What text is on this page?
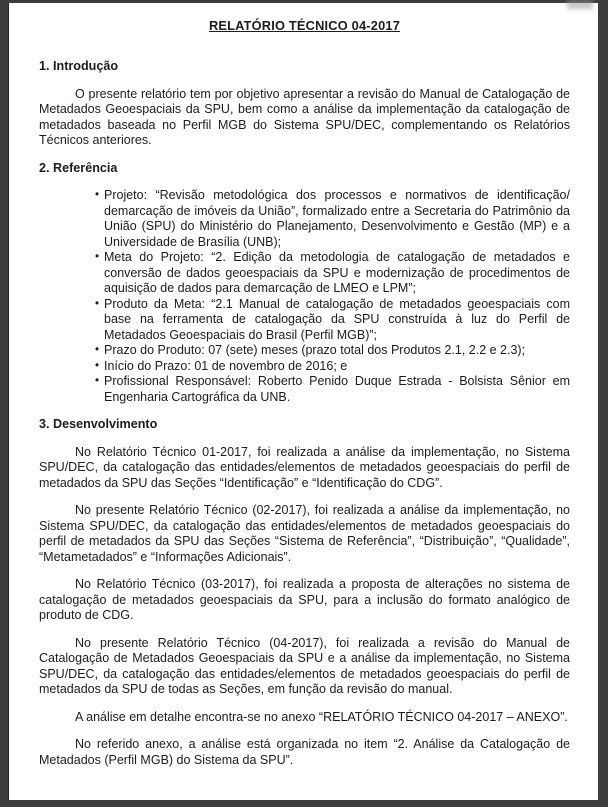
RELATÓRIO TÉCNICO 04-2017
1. Introdução

O presente relatório tem por objetivo apresentar a revisão do Manual de Catalogação de Metadados Geoespaciais da SPU, bem como a análise da implementação da catalogação de metadados baseada no Perfil MGB do Sistema SPU/DEC, complementando os Relatórios Técnicos anteriores.

2. Referência
• Projeto: “Revisão metodológica dos processos e normativos de identificação/ demarcação de imóveis da União”, formalizado entre a Secretaria do Patrimônio da União (SPU) do Ministério do Planejamento, Desenvolvimento e Gestão (MP) e a Universidade de Brasília (UNB);
• Meta do Projeto: “2. Edição da metodologia de catalogação de metadados e conversão de dados geoespaciais da SPU e modernização de procedimentos de aquisição de dados para demarcação de LMEO e LPM”;
• Produto da Meta: “2.1 Manual de catalogação de metadados geoespaciais com base na ferramenta de catalogação da SPU construída à luz do Perfil de Metadados Geoespaciais do Brasil (Perfil MGB)”;
• Prazo do Produto: 07 (sete) meses (prazo total dos Produtos 2.1, 2.2 e 2.3);
• Início do Prazo: 01 de novembro de 2016; e
• Profissional Responsável: Roberto Penido Duque Estrada - Bolsista Sênior em Engenharia Cartográfica da UNB.
3. Desenvolvimento

No Relatório Técnico 01-2017, foi realizada a análise da implementação, no Sistema SPU/DEC, da catalogação das entidades/elementos de metadados geoespaciais do perfil de metadados da SPU das Seções “Identificação” e “Identificação do CDG”.

No presente Relatório Técnico (02-2017), foi realizada a análise da implementação, no Sistema SPU/DEC, da catalogação das entidades/elementos de metadados geoespaciais do perfil de metadados da SPU das Seções “Sistema de Referência”, “Distribuição”, “Qualidade”, “Metametadados” e “Informações Adicionais”.

No Relatório Técnico (03-2017), foi realizada a proposta de alterações no sistema de catalogação de metadados geoespaciais da SPU, para a inclusão do formato analógico de produto de CDG.

No presente Relatório Técnico (04-2017), foi realizada a revisão do Manual de Catalogação de Metadados Geoespaciais da SPU e a análise da implementação, no Sistema SPU/DEC, da catalogação das entidades/elementos de metadados geoespaciais do perfil de metadados da SPU de todas as Seções, em função da revisão do manual.

A análise em detalhe encontra-se no anexo “RELATÓRIO TÉCNICO 04-2017 – ANEXO”.

No referido anexo, a análise está organizada no item “2. Análise da Catalogação de Metadados (Perfil MGB) do Sistema da SPU”.
